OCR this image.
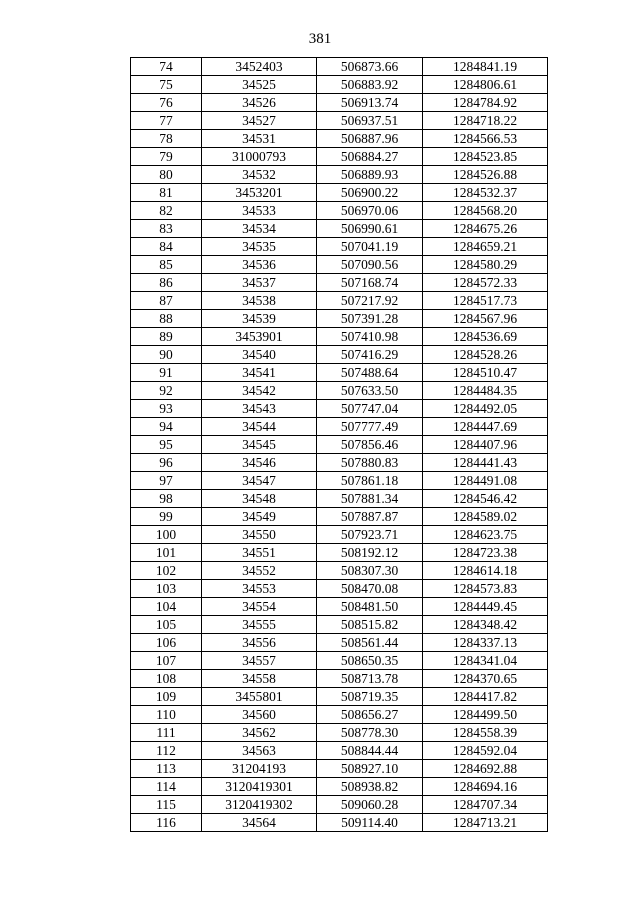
381
74	3452403	506873.66	1284841.19
75	34525	506883.92	1284806.61
76	34526	506913.74	1284784.92
77	34527	506937.51	1284718.22
78	34531	506887.96	1284566.53
79	31000793	506884.27	1284523.85
80	34532	506889.93	1284526.88
81	3453201	506900.22	1284532.37
82	34533	506970.06	1284568.20
83	34534	506990.61	1284675.26
84	34535	507041.19	1284659.21
85	34536	507090.56	1284580.29
86	34537	507168.74	1284572.33
87	34538	507217.92	1284517.73
88	34539	507391.28	1284567.96
89	3453901	507410.98	1284536.69
90	34540	507416.29	1284528.26
91	34541	507488.64	1284510.47
92	34542	507633.50	1284484.35
93	34543	507747.04	1284492.05
94	34544	507777.49	1284447.69
95	34545	507856.46	1284407.96
96	34546	507880.83	1284441.43
97	34547	507861.18	1284491.08
98	34548	507881.34	1284546.42
99	34549	507887.87	1284589.02
100	34550	507923.71	1284623.75
101	34551	508192.12	1284723.38
102	34552	508307.30	1284614.18
103	34553	508470.08	1284573.83
104	34554	508481.50	1284449.45
105	34555	508515.82	1284348.42
106	34556	508561.44	1284337.13
107	34557	508650.35	1284341.04
108	34558	508713.78	1284370.65
109	3455801	508719.35	1284417.82
110	34560	508656.27	1284499.50
111	34562	508778.30	1284558.39
112	34563	508844.44	1284592.04
113	31204193	508927.10	1284692.88
114	3120419301	508938.82	1284694.16
115	3120419302	509060.28	1284707.34
116	34564	509114.40	1284713.21
